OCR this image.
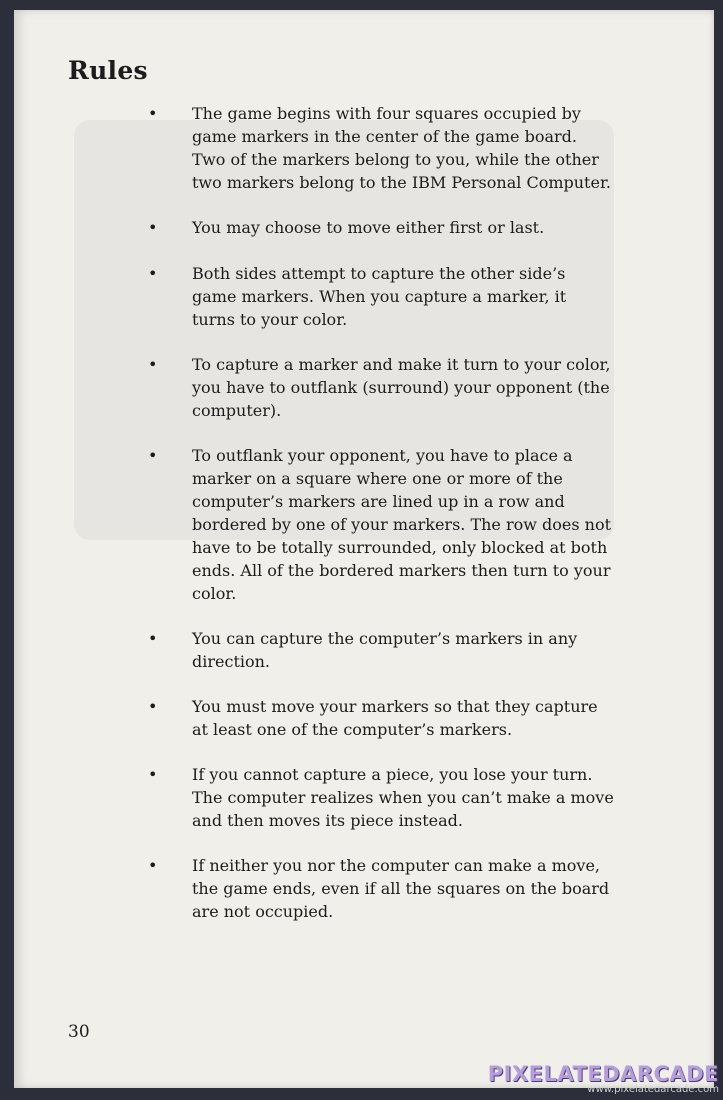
Rules
• The game begins with four squares occupied by game markers in the center of the game board. Two of the markers belong to you, while the other two markers belong to the IBM Personal Computer.
• You may choose to move either first or last.
• Both sides attempt to capture the other side’s game markers. When you capture a marker, it turns to your color.
• To capture a marker and make it turn to your color, you have to outflank (surround) your opponent (the computer).
• To outflank your opponent, you have to place a marker on a square where one or more of the computer’s markers are lined up in a row and bordered by one of your markers. The row does not have to be totally surrounded, only blocked at both ends. All of the bordered markers then turn to your color.
• You can capture the computer’s markers in any direction.
• You must move your markers so that they capture at least one of the computer’s markers.
• If you cannot capture a piece, you lose your turn. The computer realizes when you can’t make a move and then moves its piece instead.
• If neither you nor the computer can make a move, the game ends, even if all the squares on the board are not occupied.
30
PIXELATEDARCADE
www.pixelatedarcade.com
